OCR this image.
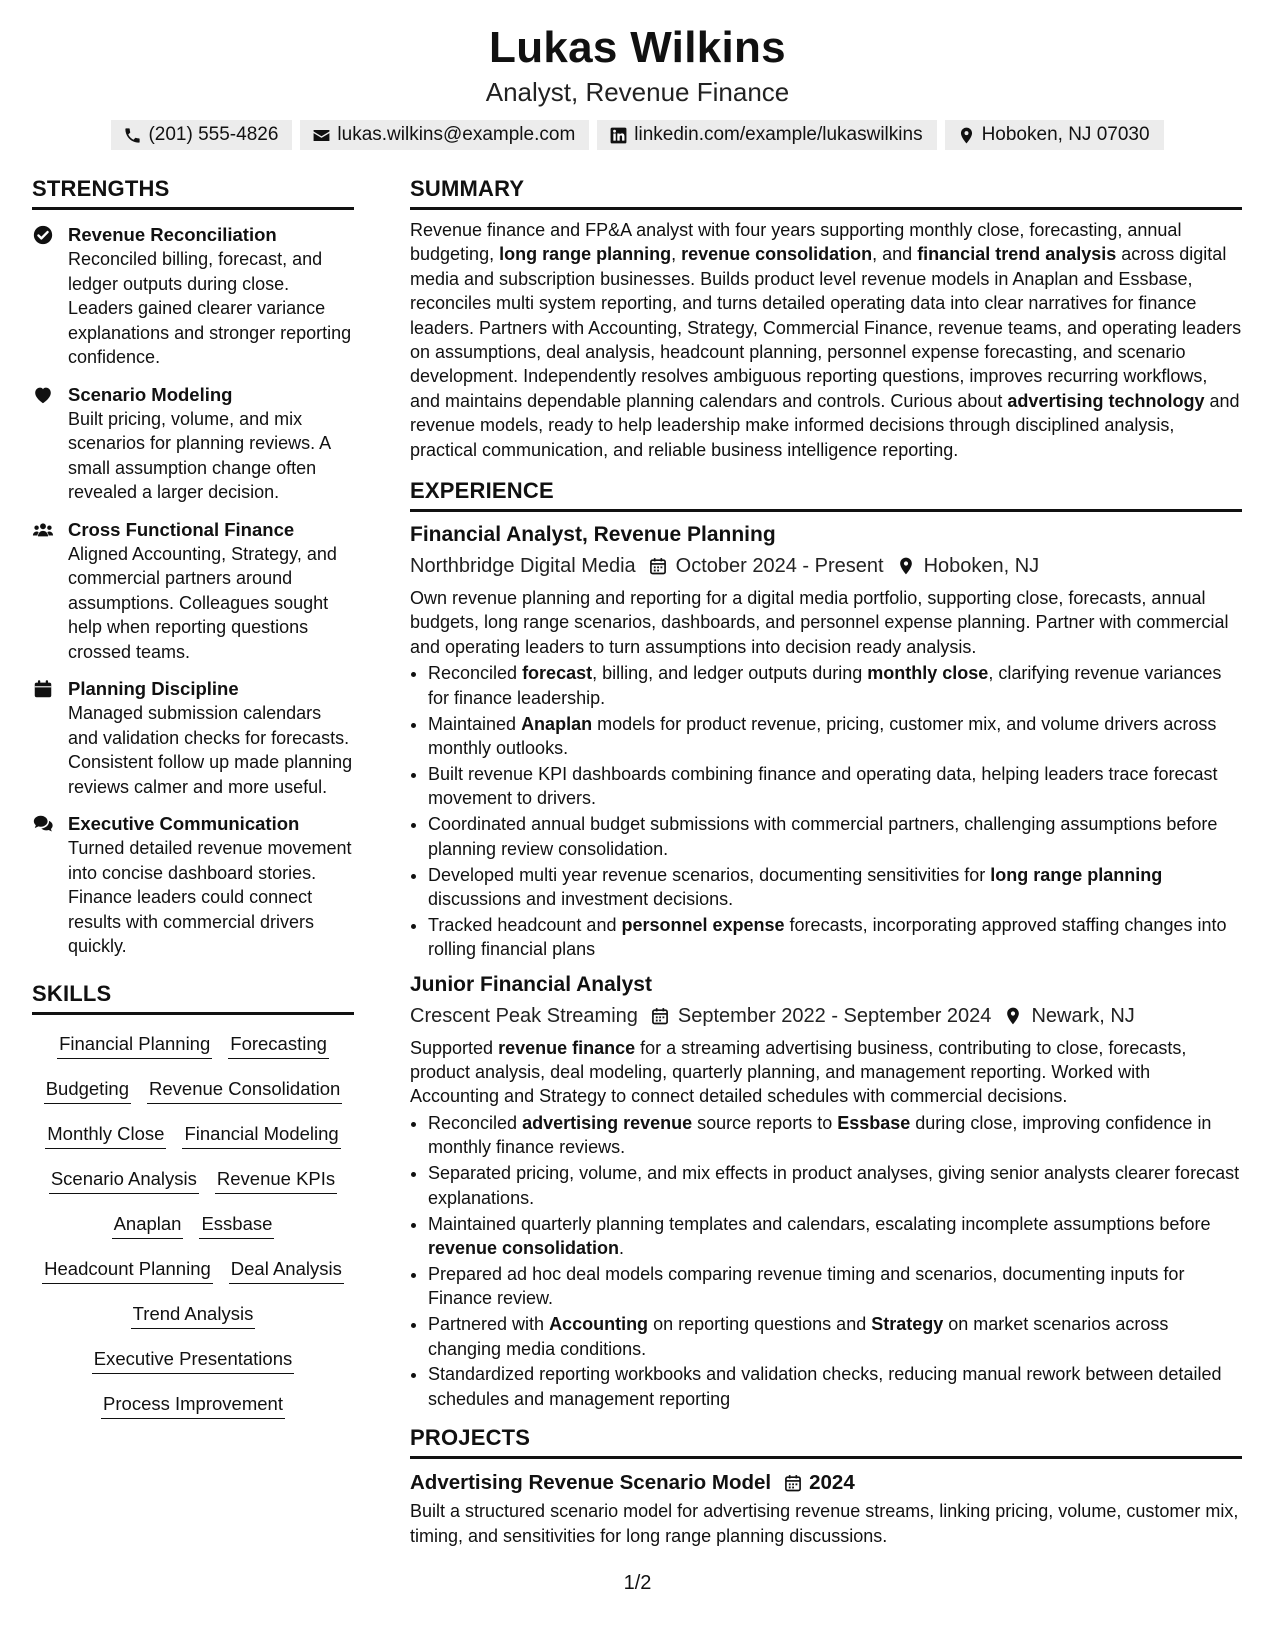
Lukas Wilkins
Analyst, Revenue Finance
(201) 555-4826	lukas.wilkins@example.com	linkedin.com/example/lukaswilkins	Hoboken, NJ 07030
STRENGTHS
Revenue Reconciliation
Reconciled billing, forecast, and ledger outputs during close. Leaders gained clearer variance explanations and stronger reporting confidence.
Scenario Modeling
Built pricing, volume, and mix scenarios for planning reviews. A small assumption change often revealed a larger decision.
Cross Functional Finance
Aligned Accounting, Strategy, and commercial partners around assumptions. Colleagues sought help when reporting questions crossed teams.
Planning Discipline
Managed submission calendars and validation checks for forecasts. Consistent follow up made planning reviews calmer and more useful.
Executive Communication
Turned detailed revenue movement into concise dashboard stories. Finance leaders could connect results with commercial drivers quickly.
SKILLS
Financial Planning Forecasting
Budgeting Revenue Consolidation
Monthly Close Financial Modeling
Scenario Analysis Revenue KPIs
Anaplan Essbase
Headcount Planning Deal Analysis
Trend Analysis
Executive Presentations
Process Improvement
SUMMARY
Revenue finance and FP&A analyst with four years supporting monthly close, forecasting, annual budgeting, long range planning, revenue consolidation, and financial trend analysis across digital media and subscription businesses. Builds product level revenue models in Anaplan and Essbase, reconciles multi system reporting, and turns detailed operating data into clear narratives for finance leaders. Partners with Accounting, Strategy, Commercial Finance, revenue teams, and operating leaders on assumptions, deal analysis, headcount planning, personnel expense forecasting, and scenario development. Independently resolves ambiguous reporting questions, improves recurring workflows, and maintains dependable planning calendars and controls. Curious about advertising technology and revenue models, ready to help leadership make informed decisions through disciplined analysis, practical communication, and reliable business intelligence reporting.
EXPERIENCE
Financial Analyst, Revenue Planning
Northbridge Digital Media October 2024 - Present Hoboken, NJ
Own revenue planning and reporting for a digital media portfolio, supporting close, forecasts, annual budgets, long range scenarios, dashboards, and personnel expense planning. Partner with commercial and operating leaders to turn assumptions into decision ready analysis.
• Reconciled forecast, billing, and ledger outputs during monthly close, clarifying revenue variances for finance leadership.
• Maintained Anaplan models for product revenue, pricing, customer mix, and volume drivers across monthly outlooks.
• Built revenue KPI dashboards combining finance and operating data, helping leaders trace forecast movement to drivers.
• Coordinated annual budget submissions with commercial partners, challenging assumptions before planning review consolidation.
• Developed multi year revenue scenarios, documenting sensitivities for long range planning discussions and investment decisions.
• Tracked headcount and personnel expense forecasts, incorporating approved staffing changes into rolling financial plans
Junior Financial Analyst
Crescent Peak Streaming September 2022 - September 2024 Newark, NJ
Supported revenue finance for a streaming advertising business, contributing to close, forecasts, product analysis, deal modeling, quarterly planning, and management reporting. Worked with Accounting and Strategy to connect detailed schedules with commercial decisions.
• Reconciled advertising revenue source reports to Essbase during close, improving confidence in monthly finance reviews.
• Separated pricing, volume, and mix effects in product analyses, giving senior analysts clearer forecast explanations.
• Maintained quarterly planning templates and calendars, escalating incomplete assumptions before revenue consolidation.
• Prepared ad hoc deal models comparing revenue timing and scenarios, documenting inputs for Finance review.
• Partnered with Accounting on reporting questions and Strategy on market scenarios across changing media conditions.
• Standardized reporting workbooks and validation checks, reducing manual rework between detailed schedules and management reporting
PROJECTS
Advertising Revenue Scenario Model 2024
Built a structured scenario model for advertising revenue streams, linking pricing, volume, customer mix, timing, and sensitivities for long range planning discussions.
1/2
